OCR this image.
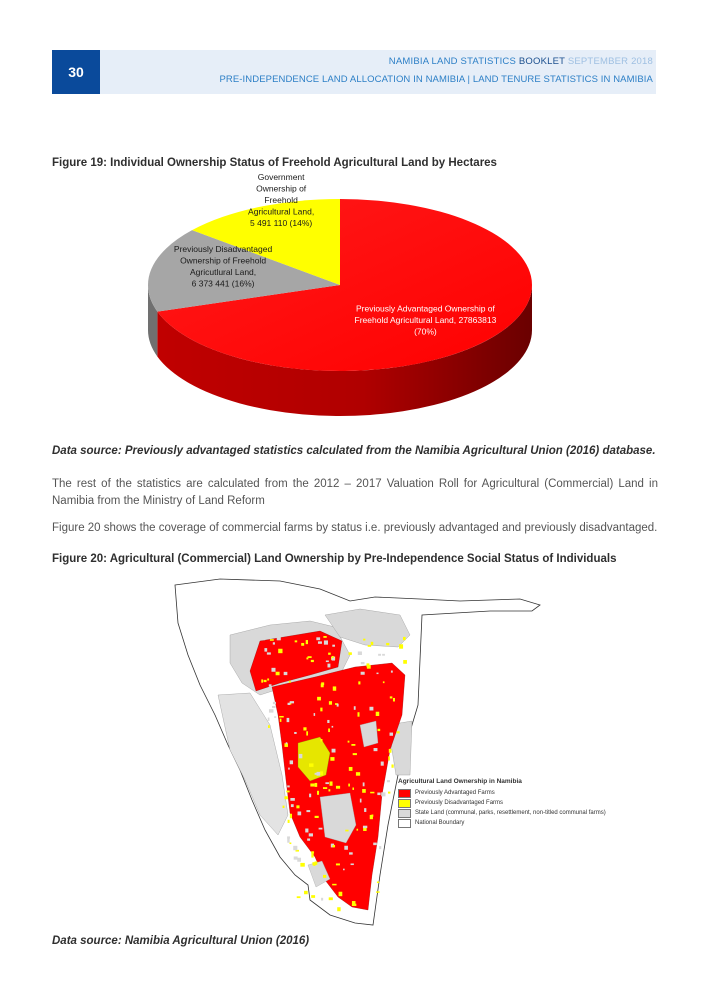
30
NAMIBIA LAND STATISTICS BOOKLET SEPTEMBER 2018
PRE-INDEPENDENCE LAND ALLOCATION IN NAMIBIA | LAND TENURE STATISTICS IN NAMIBIA
Figure 19: Individual Ownership Status of Freehold Agricultural Land by Hectares
Previously Advantaged Ownership of
Freehold Agricultural Land, 27863813
(70%)
Previously Disadvantaged
Ownership of Freehold
Agricutlural Land,
6 373 441 (16%)
Government
Ownership of
Freehold
Agricultural Land,
5 491 110 (14%)
Data source: Previously advantaged statistics calculated from the Namibia Agricultural Union (2016) database.
The rest of the statistics are calculated from the 2012 – 2017 Valuation Roll for Agricultural (Commercial) Land in Namibia from the Ministry of Land Reform
Figure 20 shows the coverage of commercial farms by status i.e. previously advantaged and previously disadvantaged.
Figure 20: Agricultural (Commercial) Land Ownership by Pre-Independence Social Status of Individuals
Agricultural Land Ownership in Namibia
Previously Advantaged Farms
Previously Disadvantaged Farms
State Land (communal, parks, resettlement, non-titled communal farms)
National Boundary
Data source: Namibia Agricultural Union (2016)
